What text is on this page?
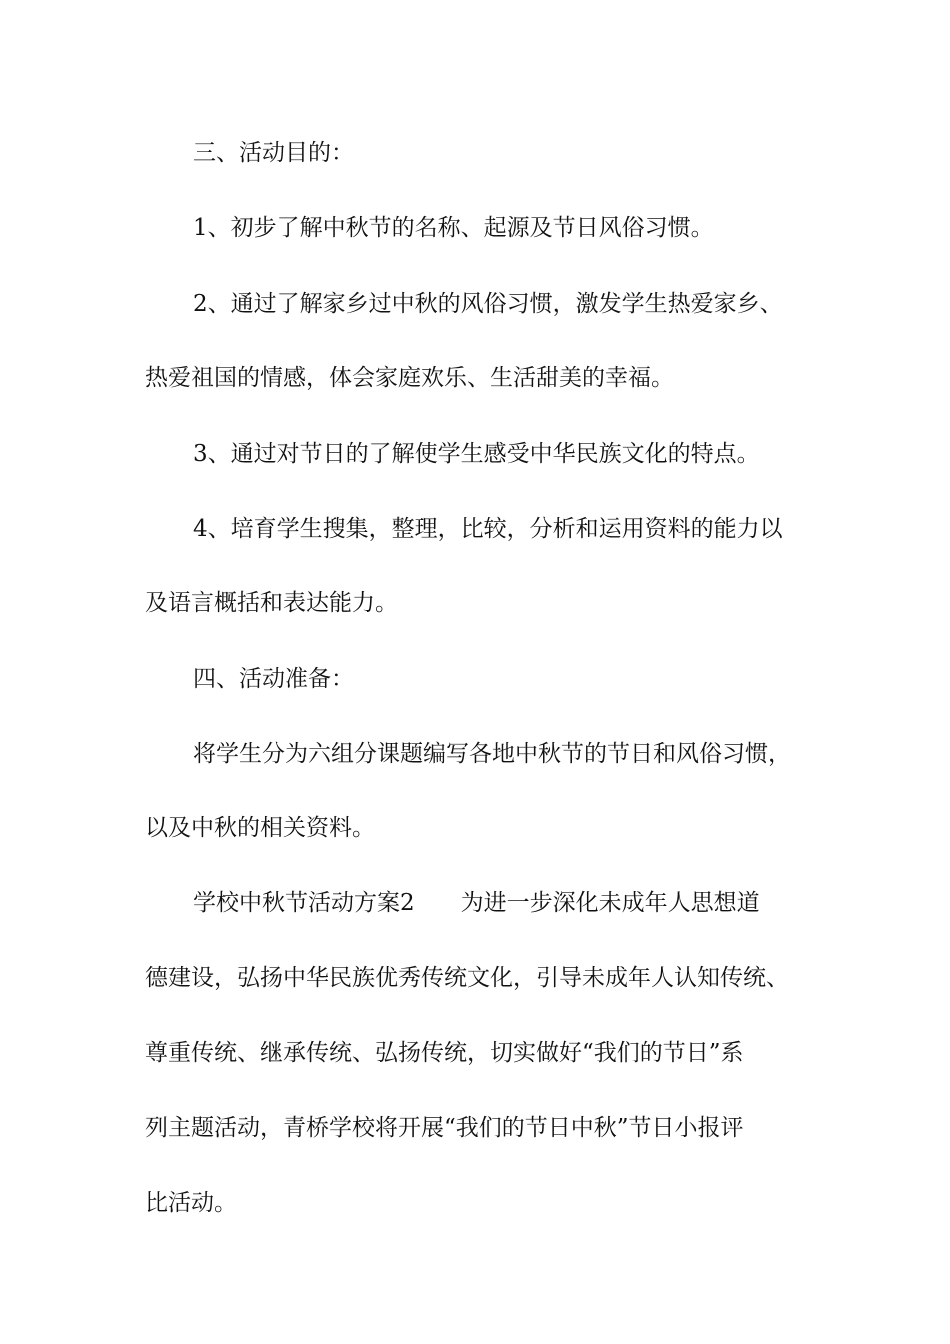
三、活动目的：
1、初步了解中秋节的名称、起源及节日风俗习惯。
2、通过了解家乡过中秋的风俗习惯，激发学生热爱家乡、
热爱祖国的情感，体会家庭欢乐、生活甜美的幸福。
3、通过对节日的了解使学生感受中华民族文化的特点。
4、培育学生搜集，整理，比较，分析和运用资料的能力以
及语言概括和表达能力。
四、活动准备：
将学生分为六组分课题编写各地中秋节的节日和风俗习惯，
以及中秋的相关资料。
学校中秋节活动方案2 为进一步深化未成年人思想道
德建设，弘扬中华民族优秀传统文化，引导未成年人认知传统、
尊重传统、继承传统、弘扬传统，切实做好“我们的节日”系
列主题活动，青桥学校将开展“我们的节日中秋”节日小报评
比活动。
